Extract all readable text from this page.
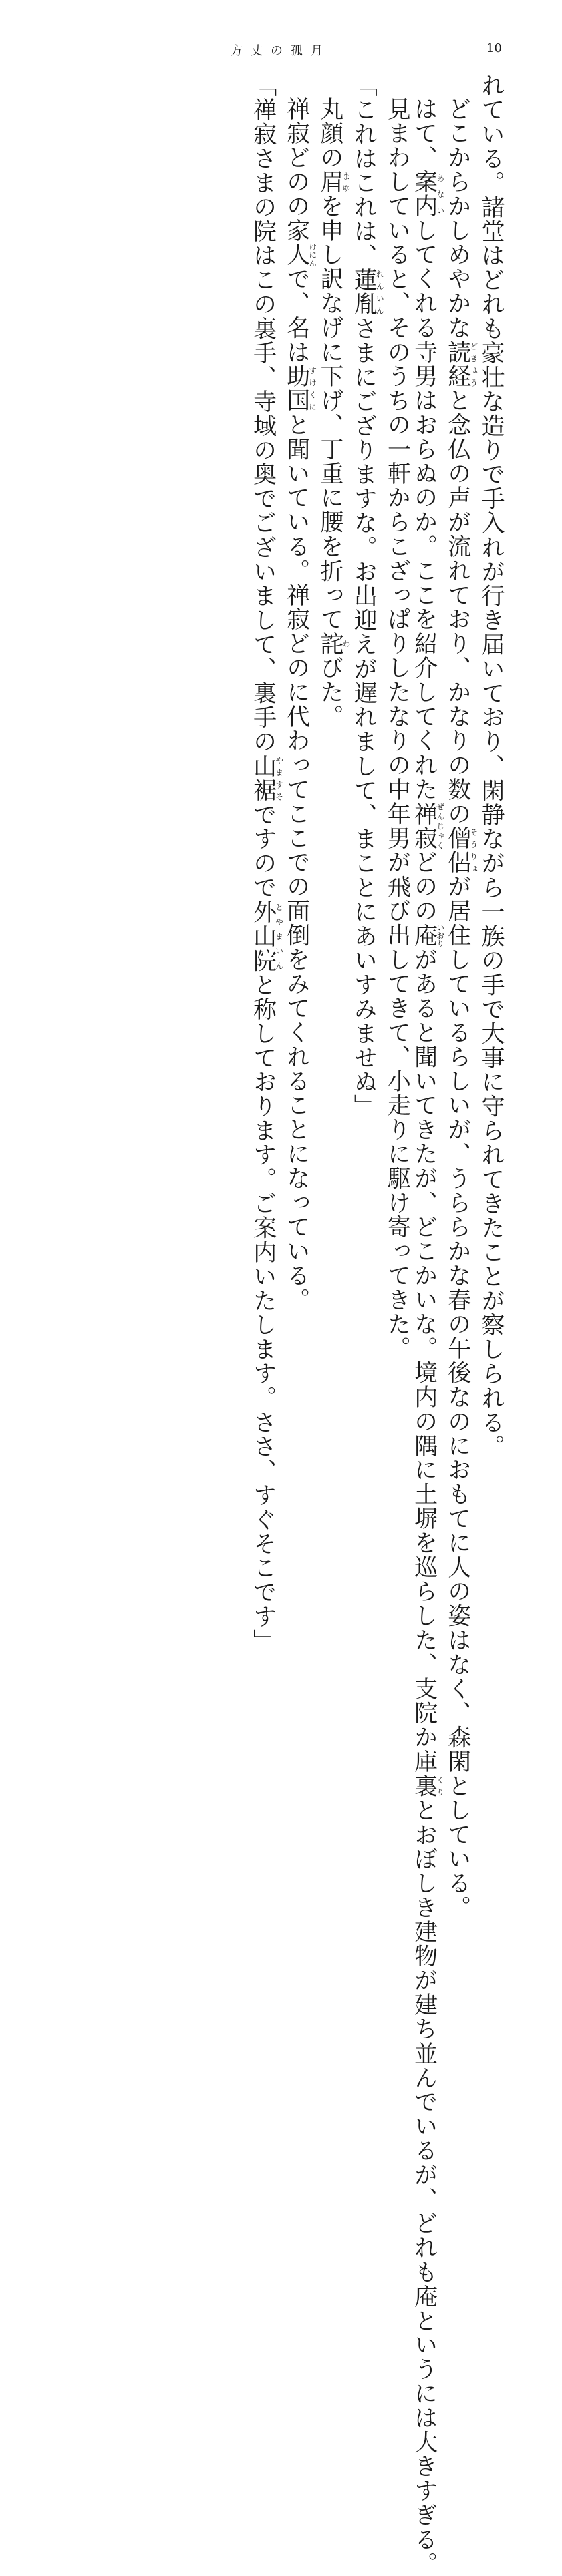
方丈の孤月	10

れている。諸堂はどれも豪壮な造りで手入れが行き届いており、閑静ながら一族の手で大事に守られてきたことが察しられる。

どこからかしめやかな読経どきょうと念仏の声が流れており、かなりの数の僧侶そうりょが居住しているらしいが、うららかな春の午後なのにおもてに人の姿はなく、森閑としている。

はて、案内あないしてくれる寺男はおらぬのか。ここを紹介してくれた禅寂ぜんじゃくどのの庵いおりがあると聞いてきたが、どこかいな。境内の隅に土塀を巡らした、支院か庫裏くりとおぼしき建物が建ち並んでいるが、どれも庵というには大きすぎる。

見まわしていると、そのうちの一軒からこざっぱりしたなりの中年男が飛び出してきて、小走りに駆け寄ってきた。

「これはこれは、蓮胤れんいんさまにござりますな。お出迎えが遅れまして、まことにあいすみませぬ」

丸顔の眉まゆを申し訳なげに下げ、丁重に腰を折って詫わびた。

禅寂どのの家人けにんで、名は助国すけくにと聞いている。禅寂どのに代わってここでの面倒をみてくれることになっている。

「禅寂さまの院はこの裏手、寺域の奥でございまして、裏手の山裾やますそですので外山院とやまいんと称しております。ご案内いたします。ささ、すぐそこです」
